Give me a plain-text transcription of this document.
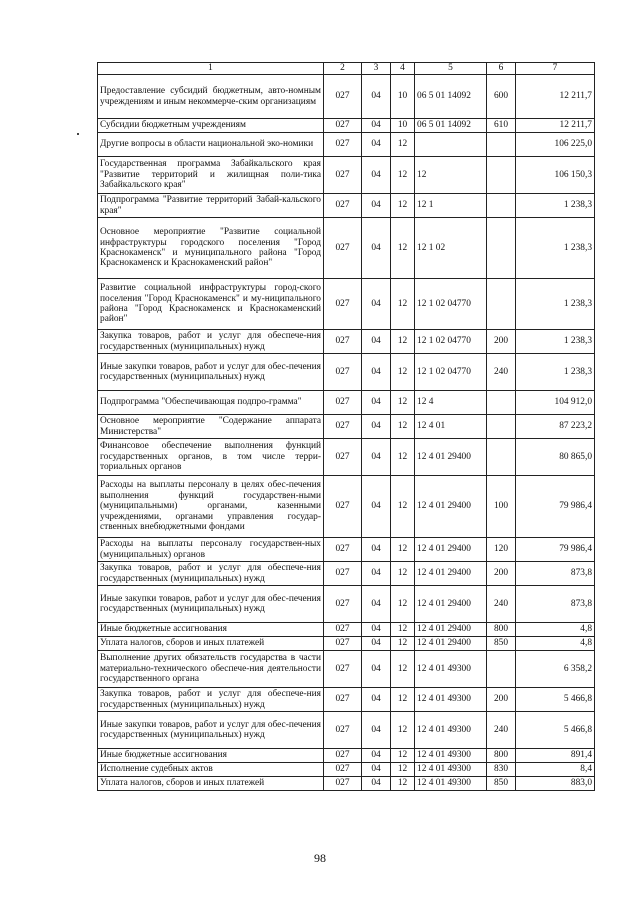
1	2	3	4	5	6	7
Предоставление субсидий бюджетным, авто-номным учреждениям и иным некоммерче-ским организациям	027	04	10	06 5 01 14092	600	12 211,7
Субсидии бюджетным учреждениям	027	04	10	06 5 01 14092	610	12 211,7
Другие вопросы в области национальной эко-номики	027	04	12			106 225,0
Государственная программа Забайкальского края "Развитие территорий и жилищная поли-тика Забайкальского края"	027	04	12	12		106 150,3
Подпрограмма "Развитие территорий Забай-кальского края"	027	04	12	12 1		1 238,3
Основное мероприятие "Развитие социальной инфраструктуры городского поселения "Город Краснокаменск" и муниципального района "Город Краснокаменск и Краснокаменский район"	027	04	12	12 1 02		1 238,3
Развитие социальной инфраструктуры город-ского поселения "Город Краснокаменск" и му-ниципального района "Город Краснокаменск и Краснокаменский район"	027	04	12	12 1 02 04770		1 238,3
Закупка товаров, работ и услуг для обеспече-ния государственных (муниципальных) нужд	027	04	12	12 1 02 04770	200	1 238,3
Иные закупки товаров, работ и услуг для обес-печения государственных (муниципальных) нужд	027	04	12	12 1 02 04770	240	1 238,3
Подпрограмма "Обеспечивающая подпро-грамма"	027	04	12	12 4		104 912,0
Основное мероприятие "Содержание аппарата Министерства"	027	04	12	12 4 01		87 223,2
Финансовое обеспечение выполнения функций государственных органов, в том числе терри-ториальных органов	027	04	12	12 4 01 29400		80 865,0
Расходы на выплаты персоналу в целях обес-печения выполнения функций государствен-ными (муниципальными) органами, казенными учреждениями, органами управления государ-ственных внебюджетными фондами	027	04	12	12 4 01 29400	100	79 986,4
Расходы на выплаты персоналу государствен-ных (муниципальных) органов	027	04	12	12 4 01 29400	120	79 986,4
Закупка товаров, работ и услуг для обеспече-ния государственных (муниципальных) нужд	027	04	12	12 4 01 29400	200	873,8
Иные закупки товаров, работ и услуг для обес-печения государственных (муниципальных) нужд	027	04	12	12 4 01 29400	240	873,8
Иные бюджетные ассигнования	027	04	12	12 4 01 29400	800	4,8
Уплата налогов, сборов и иных платежей	027	04	12	12 4 01 29400	850	4,8
Выполнение других обязательств государства в части материально-технического обеспече-ния деятельности государственного органа	027	04	12	12 4 01 49300		6 358,2
Закупка товаров, работ и услуг для обеспече-ния государственных (муниципальных) нужд	027	04	12	12 4 01 49300	200	5 466,8
Иные закупки товаров, работ и услуг для обес-печения государственных (муниципальных) нужд	027	04	12	12 4 01 49300	240	5 466,8
Иные бюджетные ассигнования	027	04	12	12 4 01 49300	800	891,4
Исполнение судебных актов	027	04	12	12 4 01 49300	830	8,4
Уплата налогов, сборов и иных платежей	027	04	12	12 4 01 49300	850	883,0
98
